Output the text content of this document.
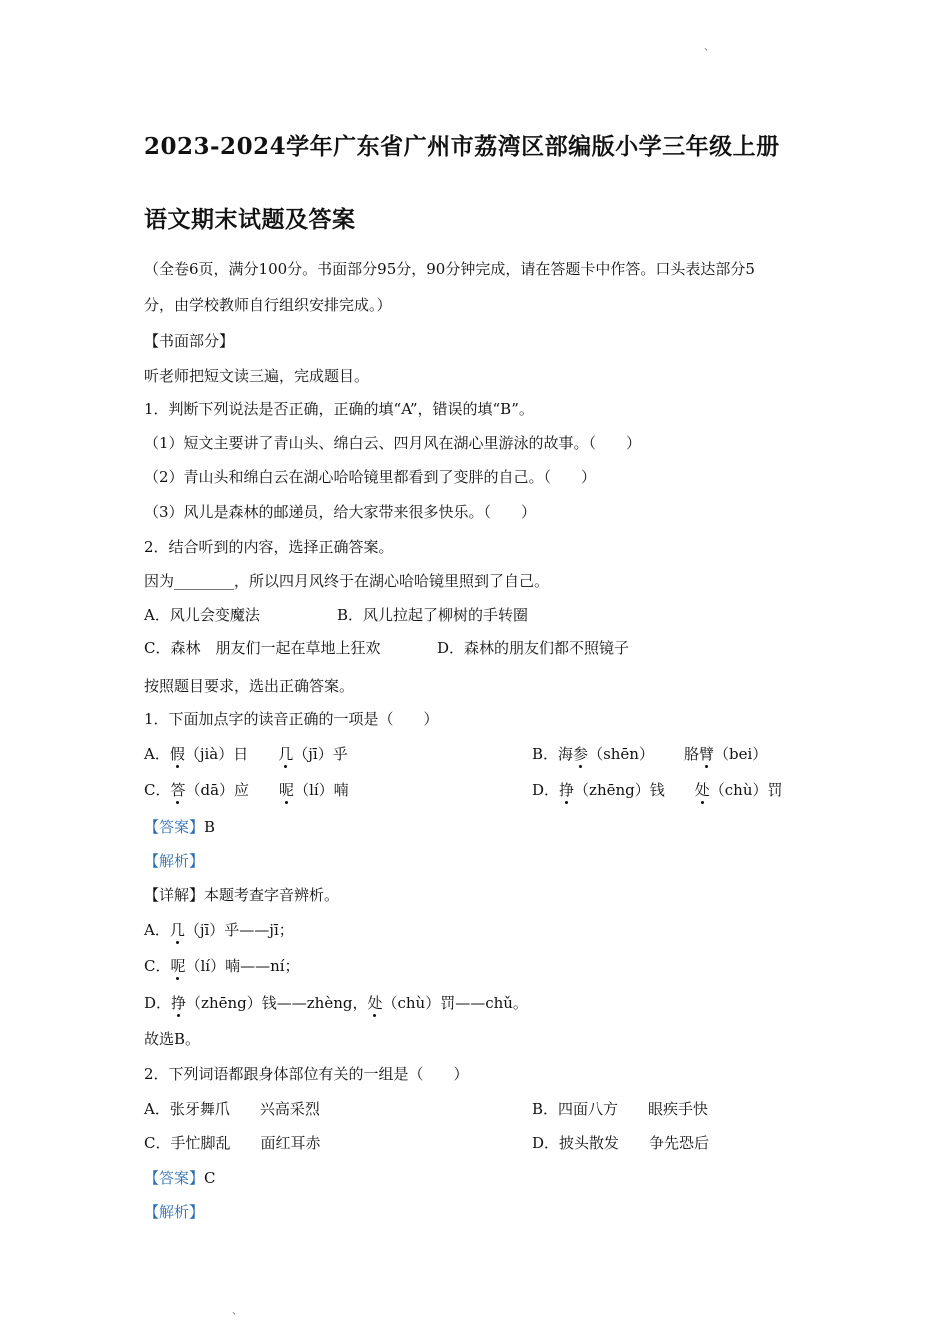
、
2023-2024学年广东省广州市荔湾区部编版小学三年级上册
语文期末试题及答案
（全卷6页，满分100分。书面部分95分，90分钟完成，请在答题卡中作答。口头表达部分5
分，由学校教师自行组织安排完成。）
【书面部分】
听老师把短文读三遍，完成题目。
1．判断下列说法是否正确，正确的填“A”，错误的填“B”。
（1）短文主要讲了青山头、绵白云、四月风在湖心里游泳的故事。（　　）
（2）青山头和绵白云在湖心哈哈镜里都看到了变胖的自己。（　　）
（3）风儿是森林的邮递员，给大家带来很多快乐。（　　）
2．结合听到的内容，选择正确答案。
因为________，所以四月风终于在湖心哈哈镜里照到了自己。
A．风儿会变魔法	B．风儿拉起了柳树的手转圈
C．森林　朋友们一起在草地上狂欢	D．森林的朋友们都不照镜子
按照题目要求，选出正确答案。
1．下面加点字的读音正确的一项是（　　）
A．假（jià）日 几（jī）乎	B．海参（shēn） 胳臂（bei）
C．答（dā）应 呢（lí）喃	D．挣（zhēng）钱 处（chù）罚
【答案】B
【解析】
【详解】本题考查字音辨析。
A．几（jī）乎——jī；
C．呢（lí）喃——ní；
D．挣（zhēng）钱——zhèng，处（chù）罚——chǔ。
故选B。
2．下列词语都跟身体部位有关的一组是（　　）
A．张牙舞爪 兴高采烈	B．四面八方 眼疾手快
C．手忙脚乱 面红耳赤	D．披头散发 争先恐后
【答案】C
【解析】
、
